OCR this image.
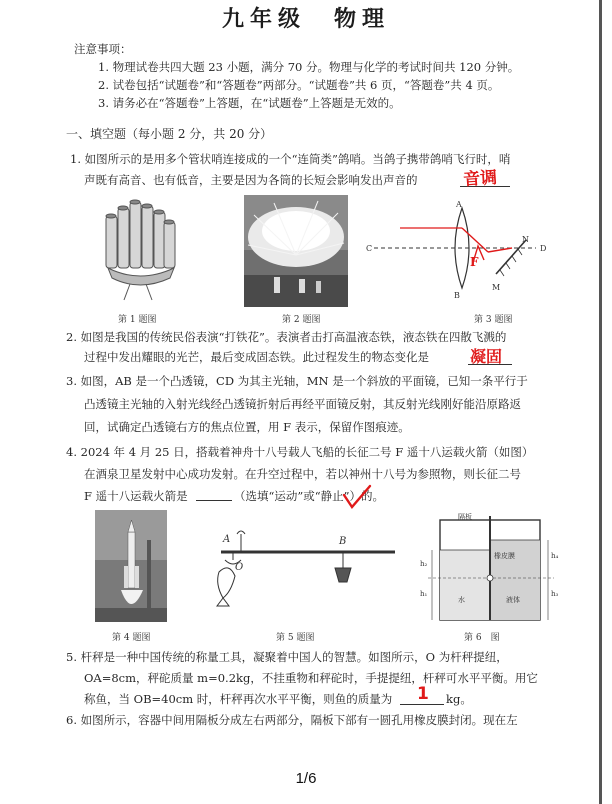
九年级　物理
注意事项：
1. 物理试卷共四大题 23 小题，满分 70 分。物理与化学的考试时间共 120 分钟。
2. 试卷包括“试题卷”和“答题卷”两部分。“试题卷”共 6 页，“答题卷”共 4 页。
3. 请务必在“答题卷”上答题，在“试题卷”上答题是无效的。
一、填空题（每小题 2 分，共 20 分）
1. 如图所示的是用多个管状哨连接成的一个“连筒类”鸽哨。当鸽子携带鸽哨飞行时，哨
声既有高音、也有低音，主要是因为各筒的长短会影响发出声音的	音调
第 1 题图	第 2 题图
A
B
C	D
N
M
F
第 3 题图
2. 如图是我国的传统民俗表演“打铁花”。表演者击打高温液态铁，液态铁在四散飞溅的
过程中发出耀眼的光芒，最后变成固态铁。此过程发生的物态变化是	凝固
3. 如图，AB 是一个凸透镜，CD 为其主光轴，MN 是一个斜放的平面镜，已知一条平行于
凸透镜主光轴的入射光线经凸透镜折射后再经平面镜反射，其反射光线刚好能沿原路返
回，试确定凸透镜右方的焦点位置，用 F 表示，保留作图痕迹。
4. 2024 年 4 月 25 日，搭载着神舟十八号载人飞船的长征二号 F 遥十八运载火箭（如图）
在酒泉卫星发射中心成功发射。在升空过程中，若以神州十八号为参照物，则长征二号
F 遥十八运载火箭是	（选填“运动”或“静止”）的。
第 4 题图
A
O
B
第 5 题图
隔板
橡皮膜
水	液体
h₁
h₂
h₃
h₄
第 6　图
5. 杆秤是一种中国传统的称量工具，凝聚着中国人的智慧。如图所示，O 为杆秤提纽，
OA=8cm，秤砣质量 m=0.2kg，不挂重物和秤砣时，手提提纽，杆秤可水平平衡。用它
称鱼，当 OB=40cm 时，杆秤再次水平平衡，则鱼的质量为 1 kg。
6. 如图所示，容器中间用隔板分成左右两部分，隔板下部有一圆孔用橡皮膜封闭。现在左
1/6
